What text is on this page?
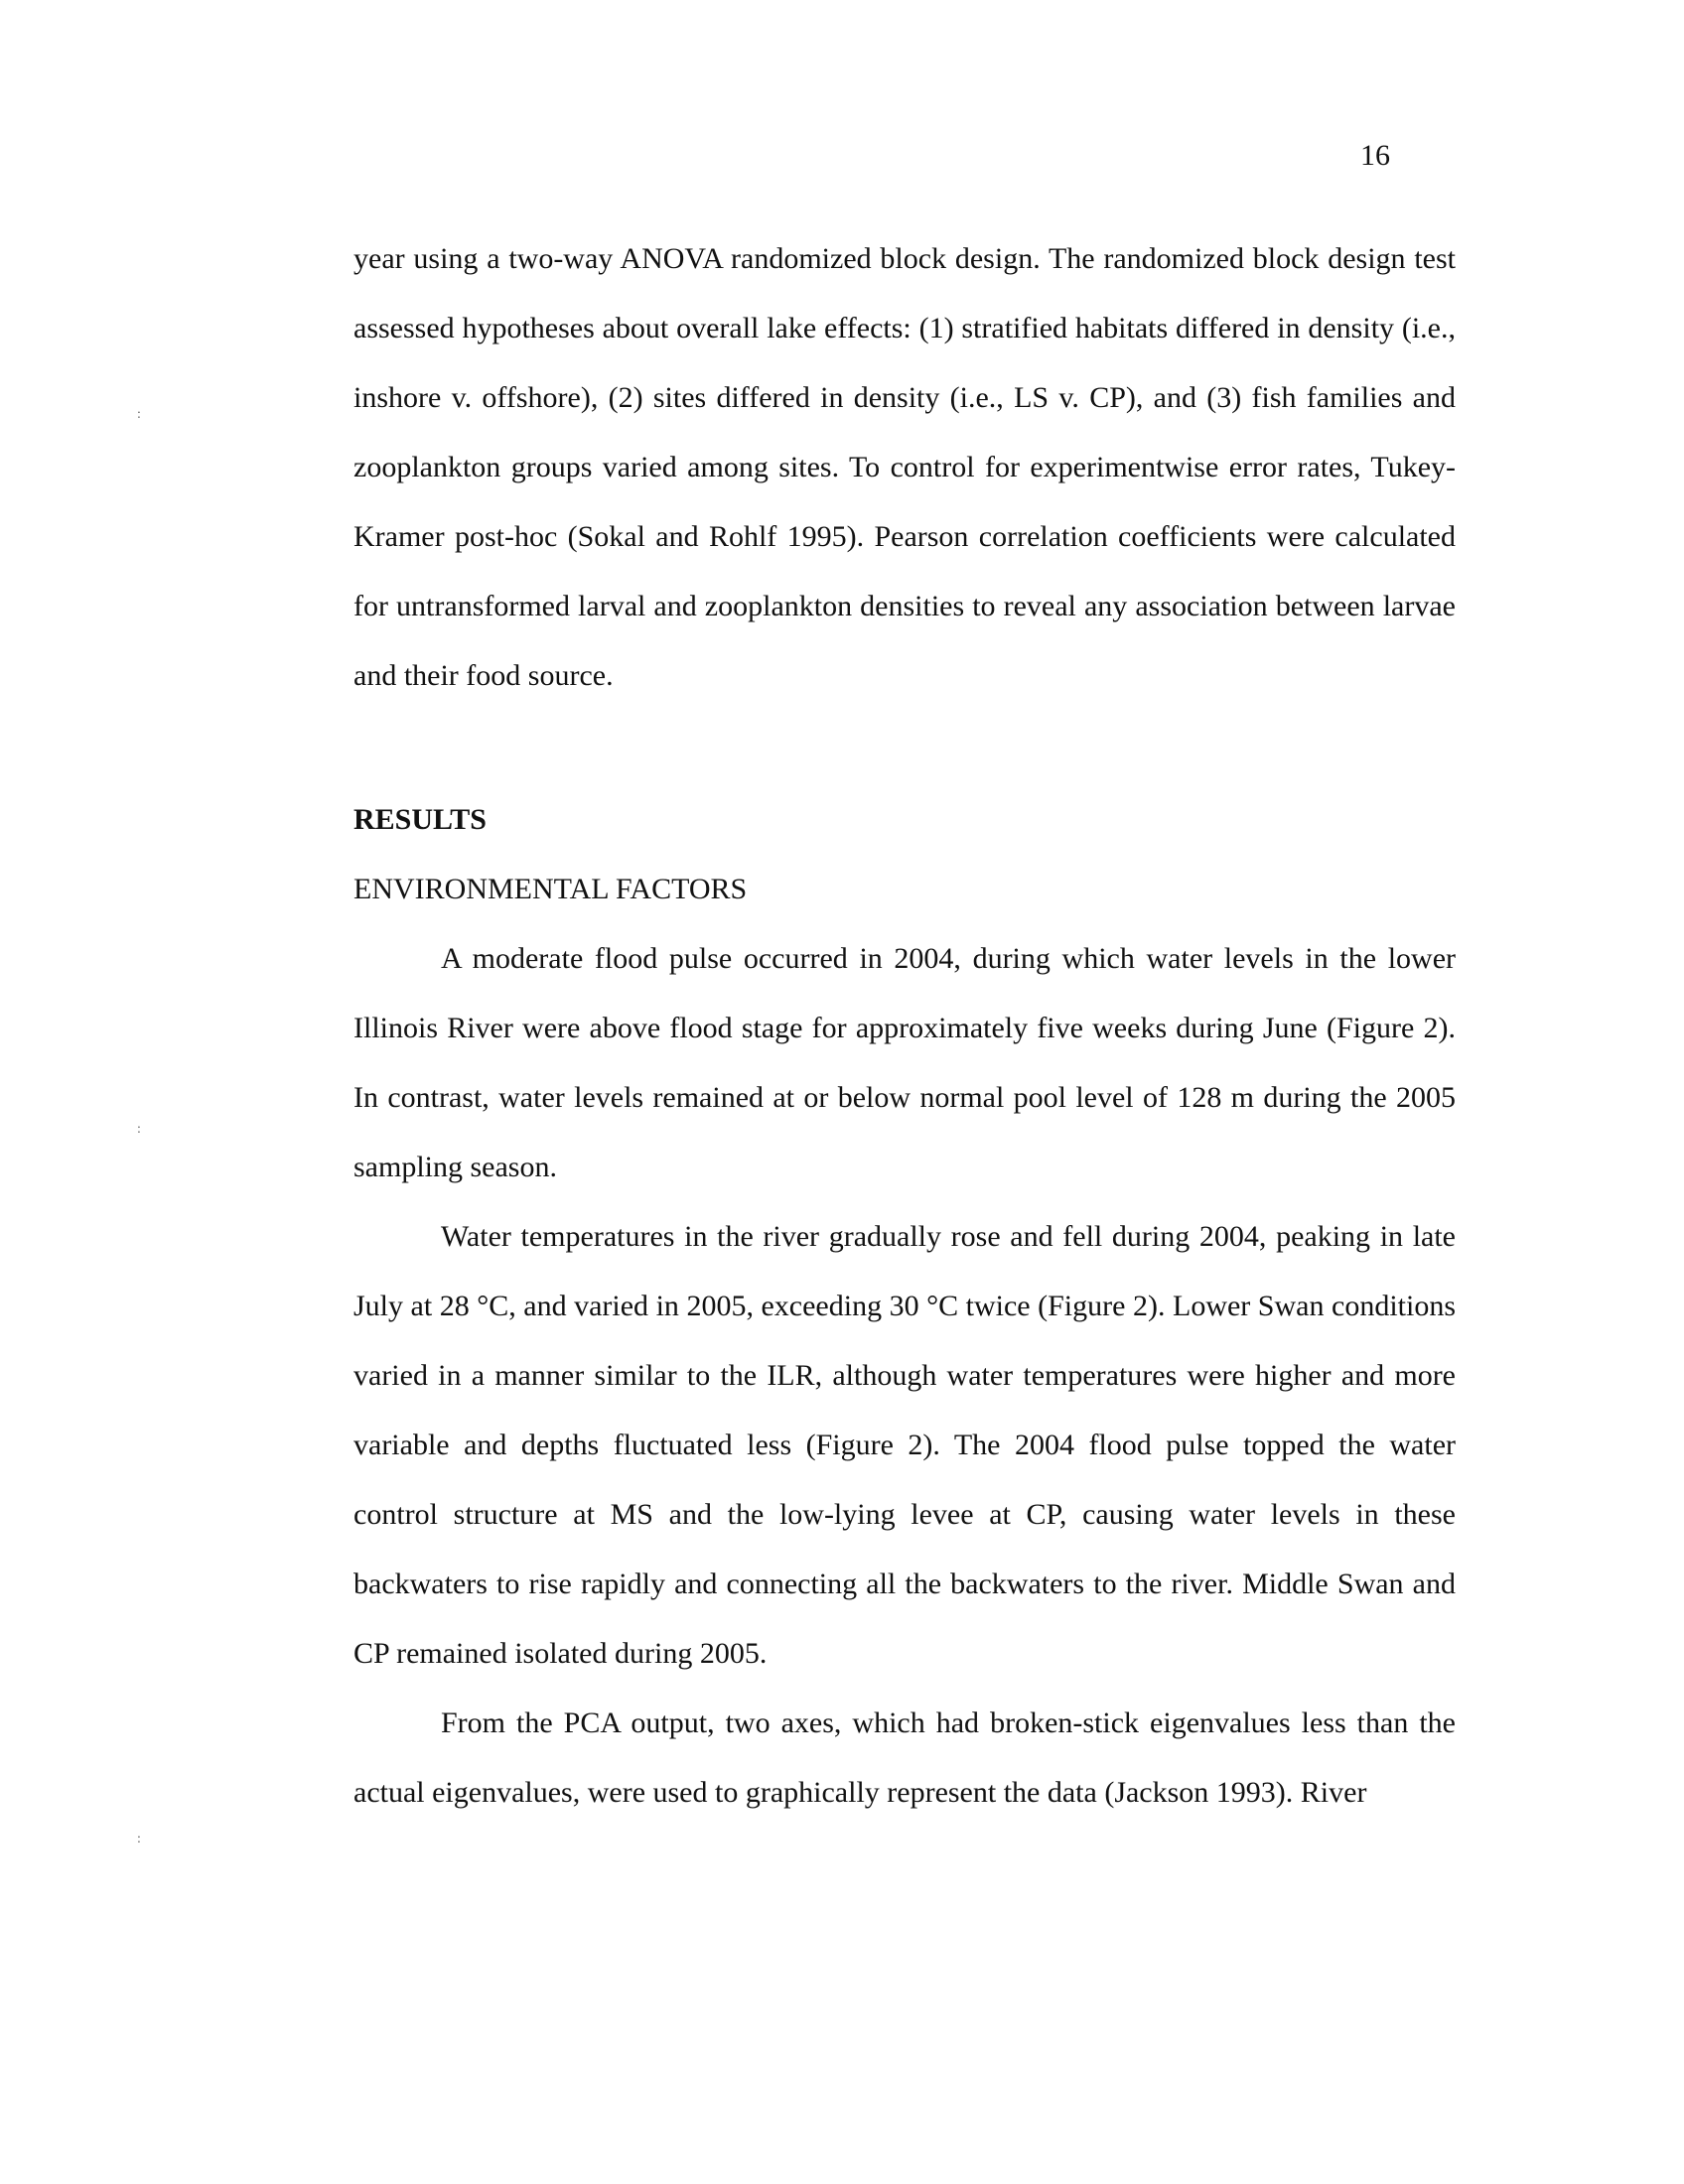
16
:
:
:

year using a two-way ANOVA randomized block design. The randomized block design test assessed hypotheses about overall lake effects: (1) stratified habitats differed in density (i.e., inshore v. offshore), (2) sites differed in density (i.e., LS v. CP), and (3) fish families and zooplankton groups varied among sites. To control for experimentwise error rates, Tukey-Kramer post-hoc (Sokal and Rohlf 1995). Pearson correlation coefficients were calculated for untransformed larval and zooplankton densities to reveal any association between larvae and their food source.

RESULTS
ENVIRONMENTAL FACTORS

A moderate flood pulse occurred in 2004, during which water levels in the lower Illinois River were above flood stage for approximately five weeks during June (Figure 2). In contrast, water levels remained at or below normal pool level of 128 m during the 2005 sampling season.

Water temperatures in the river gradually rose and fell during 2004, peaking in late July at 28 °C, and varied in 2005, exceeding 30 °C twice (Figure 2). Lower Swan conditions varied in a manner similar to the ILR, although water temperatures were higher and more variable and depths fluctuated less (Figure 2). The 2004 flood pulse topped the water control structure at MS and the low-lying levee at CP, causing water levels in these backwaters to rise rapidly and connecting all the backwaters to the river. Middle Swan and CP remained isolated during 2005.

From the PCA output, two axes, which had broken-stick eigenvalues less than the actual eigenvalues, were used to graphically represent the data (Jackson 1993). River
